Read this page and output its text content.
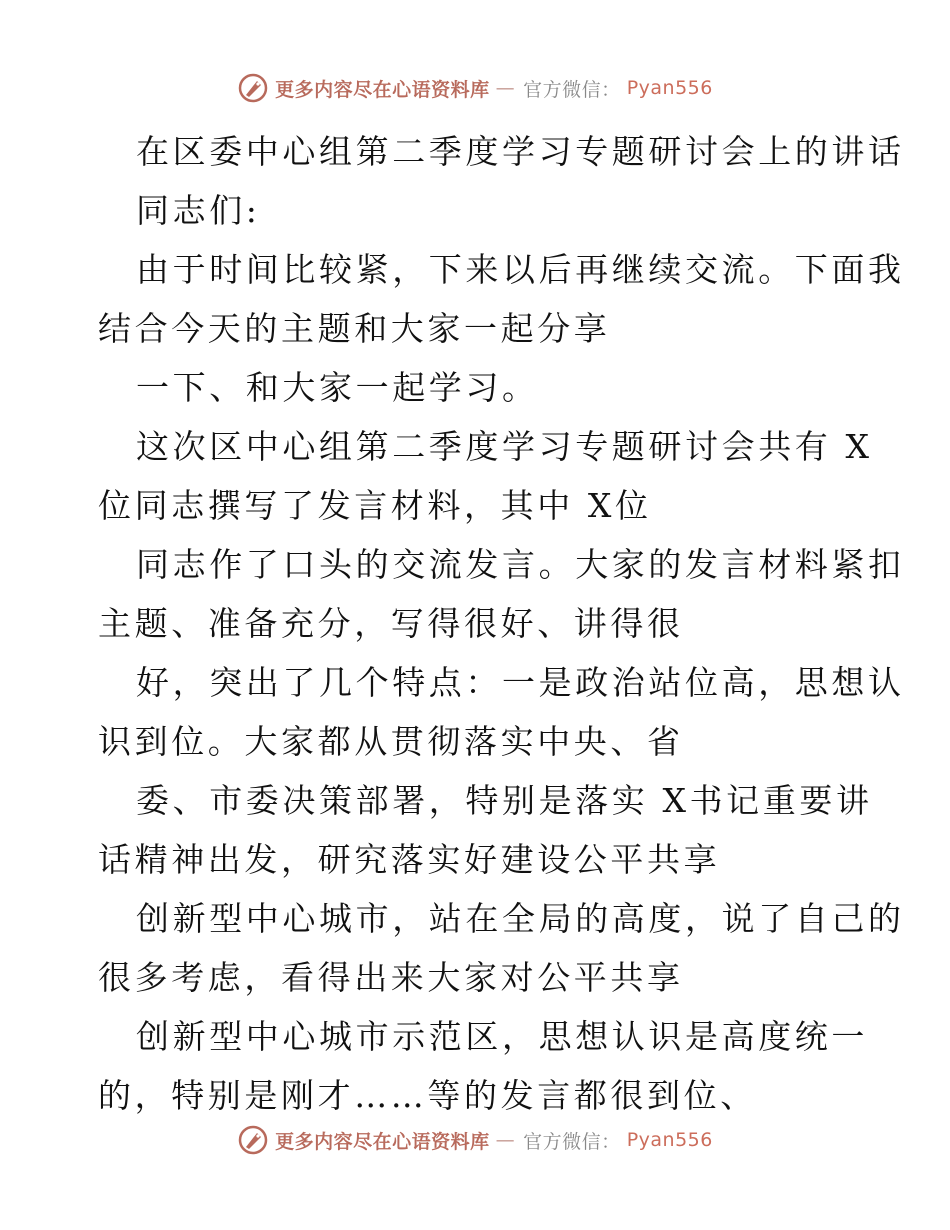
更多内容尽在心语资料库 — 官方微信： Pyan556
在区委中心组第二季度学习专题研讨会上的讲话
同志们:
由于时间比较紧，下来以后再继续交流。下面我
结合今天的主题和大家一起分享
一下、和大家一起学习。
这次区中心组第二季度学习专题研讨会共有 X
位同志撰写了发言材料，其中 X位
同志作了口头的交流发言。大家的发言材料紧扣
主题、准备充分，写得很好、讲得很
好，突出了几个特点：一是政治站位高，思想认
识到位。大家都从贯彻落实中央、省
委、市委决策部署，特别是落实 X书记重要讲
话精神出发，研究落实好建设公平共享
创新型中心城市，站在全局的高度，说了自己的
很多考虑，看得出来大家对公平共享
创新型中心城市示范区，思想认识是高度统一
的，特别是刚才……等的发言都很到位、
更多内容尽在心语资料库 — 官方微信： Pyan556
